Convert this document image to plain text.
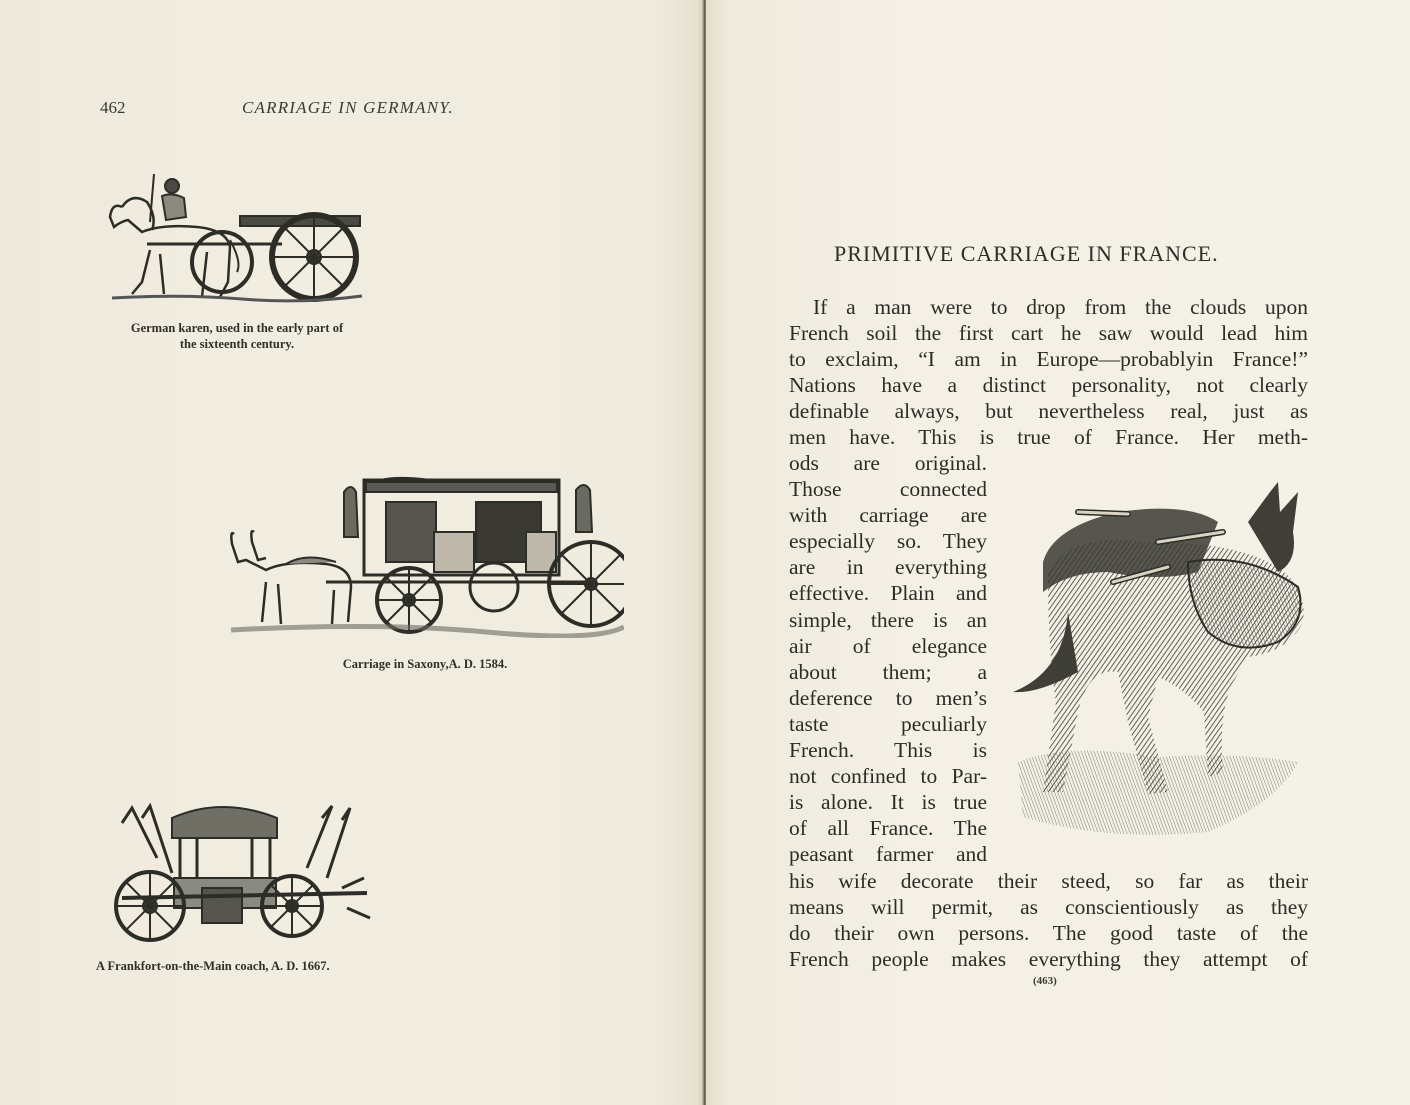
462	CARRIAGE IN GERMANY.
German karen, used in the early part of
the sixteenth century.
Carriage in Saxony,A. D. 1584.
A Frankfort-on-the-Main coach, A. D. 1667.
PRIMITIVE CARRIAGE IN FRANCE.
If a man were to drop from the clouds upon
French soil the first cart he saw would lead him
to exclaim, “I am in Europe—probablyin France!”
Nations have a distinct personality, not clearly
definable always, but nevertheless real, just as
men have. This is true of France. Her meth-
ods are original.
Those connected
with carriage are
especially so. They
are in everything
effective. Plain and
simple, there is an
air of elegance
about them; a
deference to men’s
taste peculiarly
French. This is
not confined to Par-
is alone. It is true
of all France. The
peasant farmer and
his wife decorate their steed, so far as their
means will permit, as conscientiously as they
do their own persons. The good taste of the
French people makes everything they attempt of
(463)
